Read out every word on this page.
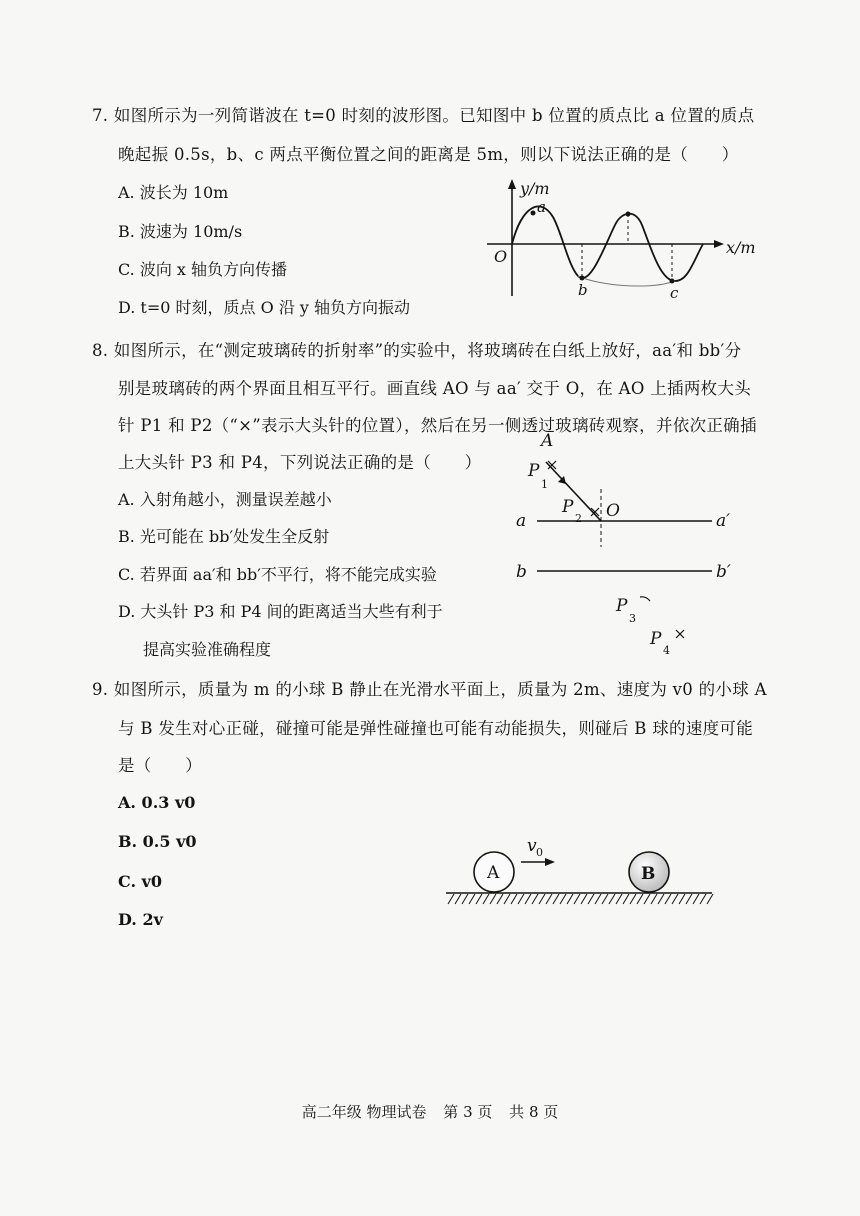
7. 如图所示为一列简谐波在 t=0 时刻的波形图。已知图中 b 位置的质点比 a 位置的质点
晚起振 0.5s，b、c 两点平衡位置之间的距离是 5m，则以下说法正确的是（　　）
A. 波长为 10m
B. 波速为 10m/s
C. 波向 x 轴负方向传播
D. t=0 时刻，质点 O 沿 y 轴负方向振动
y/m
x/m
O
a
b	c
8. 如图所示，在“测定玻璃砖的折射率”的实验中，将玻璃砖在白纸上放好，aa′和 bb′分
别是玻璃砖的两个界面且相互平行。画直线 AO 与 aa′ 交于 O，在 AO 上插两枚大头
针 P1 和 P2（“×”表示大头针的位置），然后在另一侧透过玻璃砖观察，并依次正确插
上大头针 P3 和 P4，下列说法正确的是（　　）
A. 入射角越小，测量误差越小
B. 光可能在 bb′处发生全反射
C. 若界面 aa′和 bb′不平行，将不能完成实验
D. 大头针 P3 和 P4 间的距离适当大些有利于
提高实验准确程度
A
P
1
P
2 O
a	a′
b	b′
P
3
P
4
9. 如图所示，质量为 m 的小球 B 静止在光滑水平面上，质量为 2m、速度为 v0 的小球 A
与 B 发生对心正碰，碰撞可能是弹性碰撞也可能有动能损失，则碰后 B 球的速度可能
是（　　）
A. 0.3 v0
B. 0.5 v0
C. v0
D. 2v
A	B
v 0
高二年级 物理试卷 第 3 页 共 8 页
